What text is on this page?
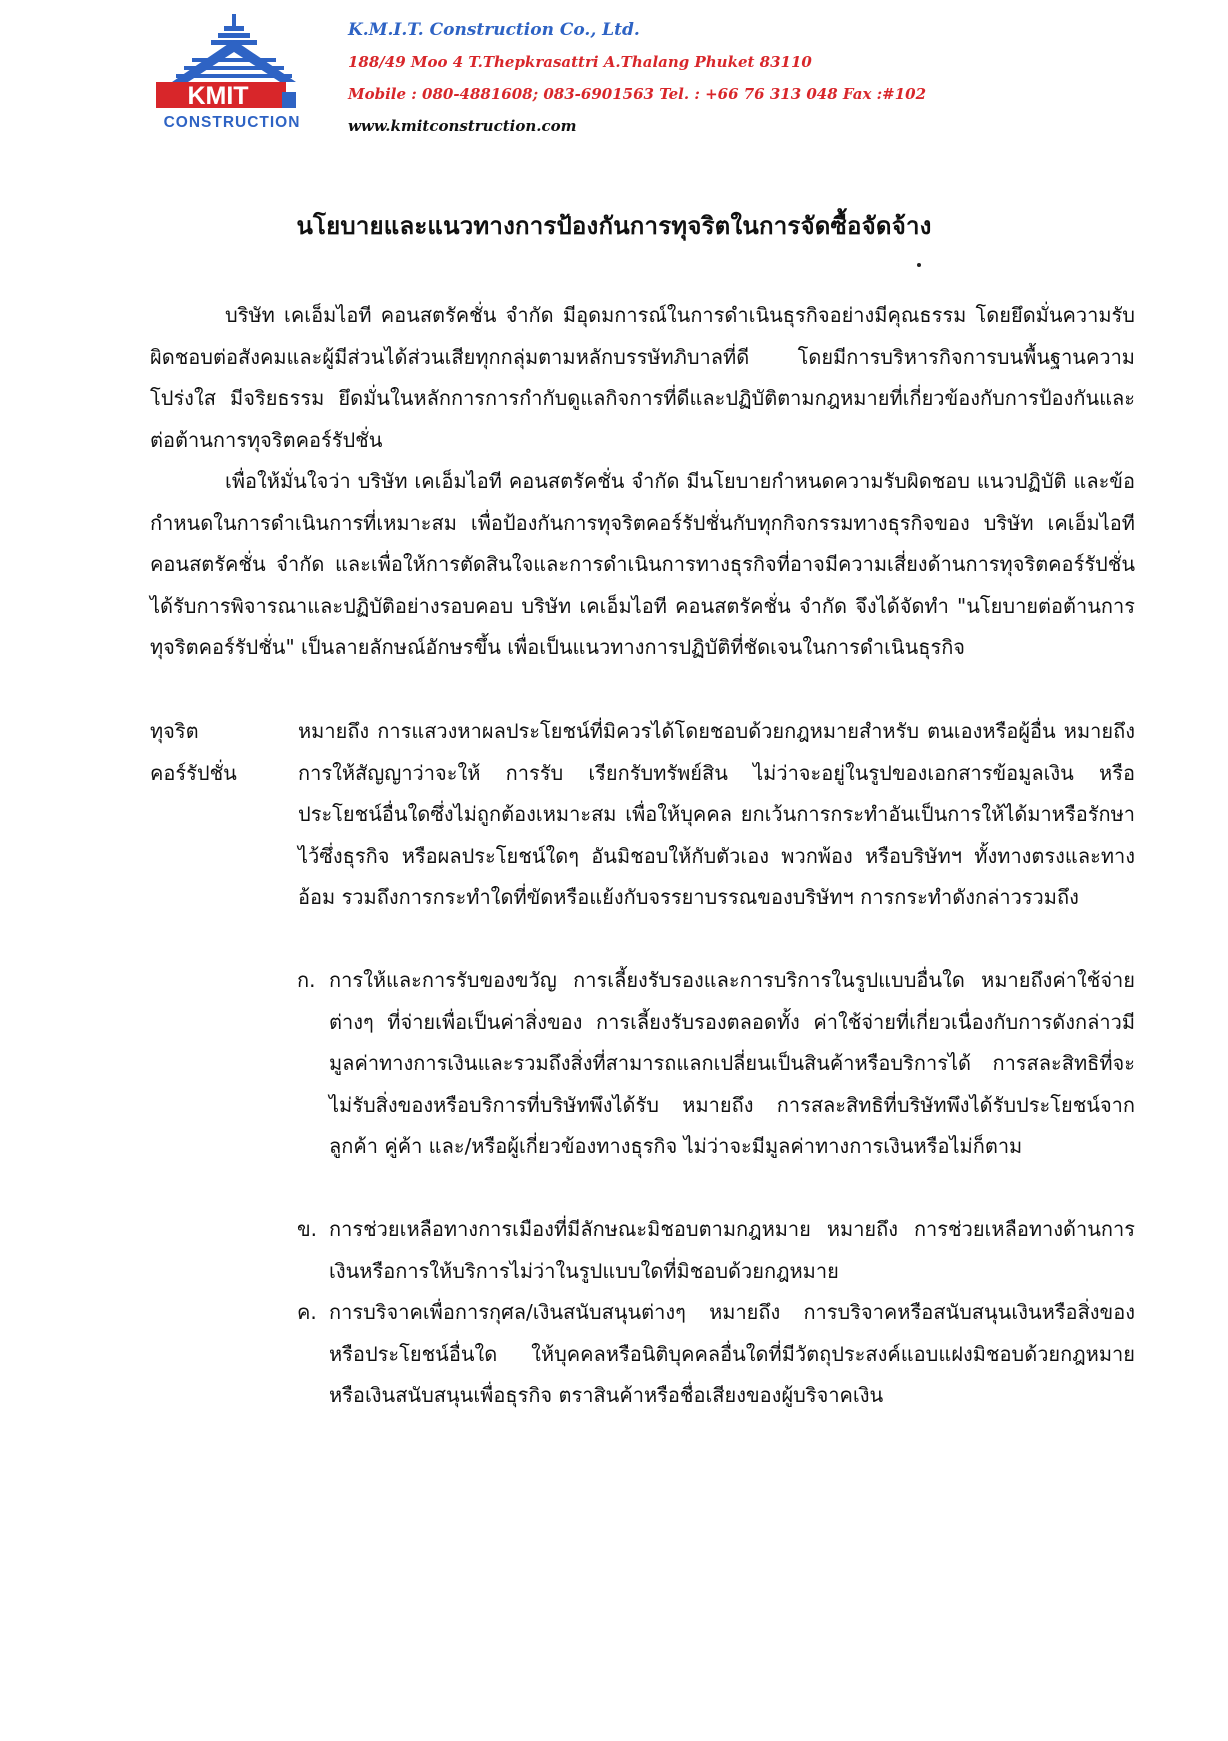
KMIT
CONSTRUCTION
K.M.I.T. Construction Co., Ltd.
188/49 Moo 4 T.Thepkrasattri A.Thalang Phuket 83110
Mobile : 080-4881608; 083-6901563 Tel. : +66 76 313 048 Fax :#102
www.kmitconstruction.com
นโยบายและแนวทางการป้องกันการทุจริตในการจัดซื้อจัดจ้าง
บริษัท เคเอ็มไอที คอนสตรัคชั่น จำกัด มีอุดมการณ์ในการดำเนินธุรกิจอย่างมีคุณธรรม โดยยึดมั่นความรับผิดชอบต่อสังคมและผู้มีส่วนได้ส่วนเสียทุกกลุ่มตามหลักบรรษัทภิบาลที่ดี โดยมีการบริหารกิจการบนพื้นฐานความโปร่งใส มีจริยธรรม ยึดมั่นในหลักการการกำกับดูแลกิจการที่ดีและปฏิบัติตามกฎหมายที่เกี่ยวข้องกับการป้องกันและต่อต้านการทุจริตคอร์รัปชั่น
เพื่อให้มั่นใจว่า บริษัท เคเอ็มไอที คอนสตรัคชั่น จำกัด มีนโยบายกำหนดความรับผิดชอบ แนวปฏิบัติ และข้อกำหนดในการดำเนินการที่เหมาะสม เพื่อป้องกันการทุจริตคอร์รัปชั่นกับทุกกิจกรรมทางธุรกิจของ บริษัท เคเอ็มไอที คอนสตรัคชั่น จำกัด และเพื่อให้การตัดสินใจและการดำเนินการทางธุรกิจที่อาจมีความเสี่ยงด้านการทุจริตคอร์รัปชั่นได้รับการพิจารณาและปฏิบัติอย่างรอบคอบ บริษัท เคเอ็มไอที คอนสตรัคชั่น จำกัด จึงได้จัดทำ "นโยบายต่อต้านการทุจริตคอร์รัปชั่น" เป็นลายลักษณ์อักษรขึ้น เพื่อเป็นแนวทางการปฏิบัติที่ชัดเจนในการดำเนินธุรกิจ
ทุจริต
คอร์รัปชั่น
หมายถึง การแสวงหาผลประโยชน์ที่มิควรได้โดยชอบด้วยกฎหมายสำหรับ ตนเองหรือผู้อื่น หมายถึง การให้สัญญาว่าจะให้ การรับ เรียกรับทรัพย์สิน ไม่ว่าจะอยู่ในรูปของเอกสารข้อมูลเงิน หรือประโยชน์อื่นใดซึ่งไม่ถูกต้องเหมาะสม เพื่อให้บุคคล ยกเว้นการกระทำอันเป็นการให้ได้มาหรือรักษาไว้ซึ่งธุรกิจ หรือผลประโยชน์ใดๆ อันมิชอบให้กับตัวเอง พวกพ้อง หรือบริษัทฯ ทั้งทางตรงและทางอ้อม รวมถึงการกระทำใดที่ขัดหรือแย้งกับจรรยาบรรณของบริษัทฯ การกระทำดังกล่าวรวมถึง
ก. การให้และการรับของขวัญ การเลี้ยงรับรองและการบริการในรูปแบบอื่นใด หมายถึงค่าใช้จ่ายต่างๆ ที่จ่ายเพื่อเป็นค่าสิ่งของ การเลี้ยงรับรองตลอดทั้ง ค่าใช้จ่ายที่เกี่ยวเนื่องกับการดังกล่าวมีมูลค่าทางการเงินและรวมถึงสิ่งที่สามารถแลกเปลี่ยนเป็นสินค้าหรือบริการได้ การสละสิทธิที่จะไม่รับสิ่งของหรือบริการที่บริษัทพึงได้รับ หมายถึง การสละสิทธิที่บริษัทพึงได้รับประโยชน์จากลูกค้า คู่ค้า และ/หรือผู้เกี่ยวข้องทางธุรกิจ ไม่ว่าจะมีมูลค่าทางการเงินหรือไม่ก็ตาม
ข. การช่วยเหลือทางการเมืองที่มีลักษณะมิชอบตามกฎหมาย หมายถึง การช่วยเหลือทางด้านการเงินหรือการให้บริการไม่ว่าในรูปแบบใดที่มิชอบด้วยกฎหมาย
ค. การบริจาคเพื่อการกุศล/เงินสนับสนุนต่างๆ หมายถึง การบริจาคหรือสนับสนุนเงินหรือสิ่งของหรือประโยชน์อื่นใด ให้บุคคลหรือนิติบุคคลอื่นใดที่มีวัตถุประสงค์แอบแฝงมิชอบด้วยกฎหมายหรือเงินสนับสนุนเพื่อธุรกิจ ตราสินค้าหรือชื่อเสียงของผู้บริจาคเงิน
